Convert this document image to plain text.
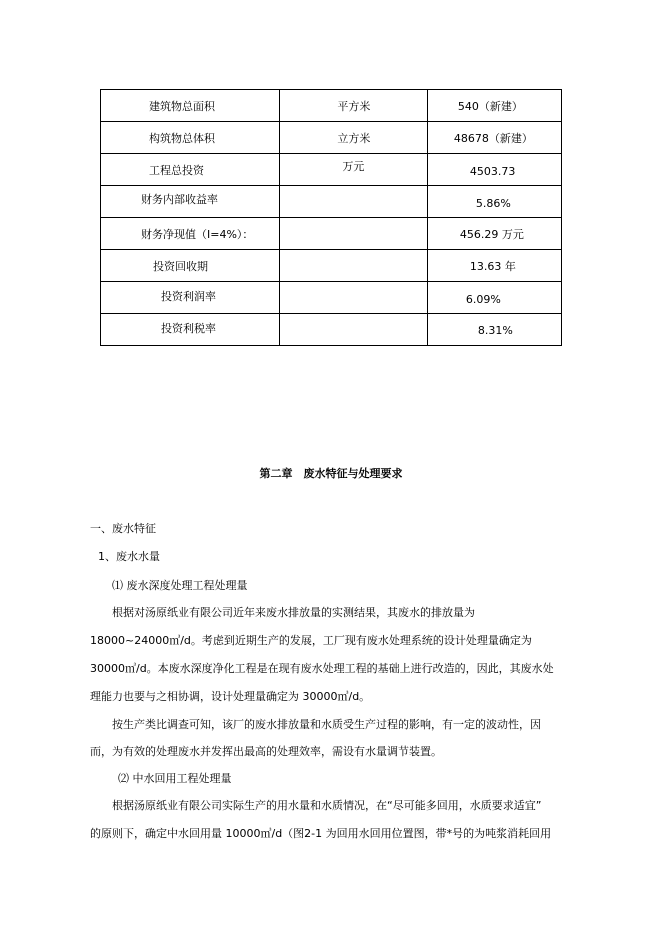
建筑物总面积	平方米	540（新建）

构筑物总体积	立方米	48678（新建）

工程总投资	万元	4503.73

财务内部收益率		5.86%

财务净现值（I=4%）：		456.29 万元

投资回收期		13.63 年

投资利润率		6.09%

投资利税率		8.31%
第二章　废水特征与处理要求
一、废水特征
1、废水水量
⑴ 废水深度处理工程处理量
根据对汤原纸业有限公司近年来废水排放量的实测结果，其废水的排放量为
18000~24000㎥/d。考虑到近期生产的发展，工厂现有废水处理系统的设计处理量确定为
30000㎥/d。本废水深度净化工程是在现有废水处理工程的基础上进行改造的，因此，其废水处
理能力也要与之相协调，设计处理量确定为 30000㎥/d。
按生产类比调查可知，该厂的废水排放量和水质受生产过程的影响，有一定的波动性，因
而，为有效的处理废水并发挥出最高的处理效率，需设有水量调节装置。
⑵ 中水回用工程处理量
根据汤原纸业有限公司实际生产的用水量和水质情况，在“尽可能多回用，水质要求适宜”
的原则下，确定中水回用量 10000㎥/d（图2-1 为回用水回用位置图，带*号的为吨浆消耗回用
